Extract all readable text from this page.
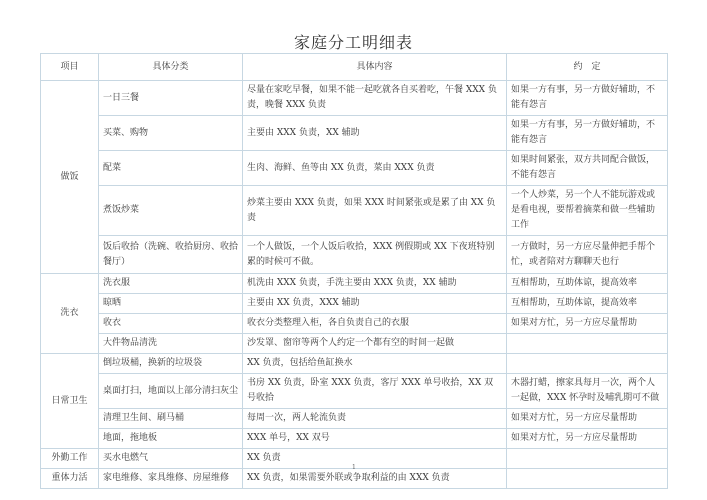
家庭分工明细表
项目	具体分类	具体内容	约　定
做饭	一日三餐	尽量在家吃早餐，如果不能一起吃就各自买着吃，午餐 XXX 负责，晚餐 XXX 负责	如果一方有事，另一方做好辅助，不能有怨言
	买菜、购物	主要由 XXX 负责，XX 辅助	如果一方有事，另一方做好辅助，不能有怨言
	配菜	生肉、海鲜、鱼等由 XX 负责，菜由 XXX 负责	如果时间紧张，双方共同配合做饭，不能有怨言
	煮饭炒菜	炒菜主要由 XXX 负责，如果 XXX 时间紧张或是累了由 XX 负责	一个人炒菜，另一个人不能玩游戏或是看电视，要帮着摘菜和做一些辅助工作
	饭后收拾（洗碗、收拾厨房、收拾餐厅）	一个人做饭，一个人饭后收拾，XXX 例假期或 XX 下夜班特别累的时候可不做。	一方做时，另一方应尽量伸把手帮个忙，或者陪对方聊聊天也行
洗衣	洗衣服	机洗由 XXX 负责，手洗主要由 XXX 负责，XX 辅助	互相帮助，互助体谅，提高效率
	晾晒	主要由 XX 负责，XXX 辅助	互相帮助，互助体谅，提高效率
	收衣	收衣分类整理入柜，各自负责自己的衣服	如果对方忙，另一方应尽量帮助
	大件物品清洗	沙发罩、窗帘等两个人约定一个都有空的时间一起做	
日常卫生	倒垃圾桶，换新的垃圾袋	XX 负责，包括给鱼缸换水	
	桌面打扫，地面以上部分清扫灰尘	书房 XX 负责，卧室 XXX 负责，客厅 XXX 单号收拾，XX 双号收拾	木器打蜡，擦家具每月一次，两个人一起做，XXX 怀孕时及哺乳期可不做
	清理卫生间、刷马桶	每周一次，两人轮流负责	如果对方忙，另一方应尽量帮助
	地面，拖地板	XXX 单号，XX 双号	如果对方忙，另一方应尽量帮助
外勤工作	买水电燃气	XX 负责	
重体力活	家电维修、家具维修、房屋维修	XX 负责，如果需要外联或争取利益的由 XXX 负责	
1
